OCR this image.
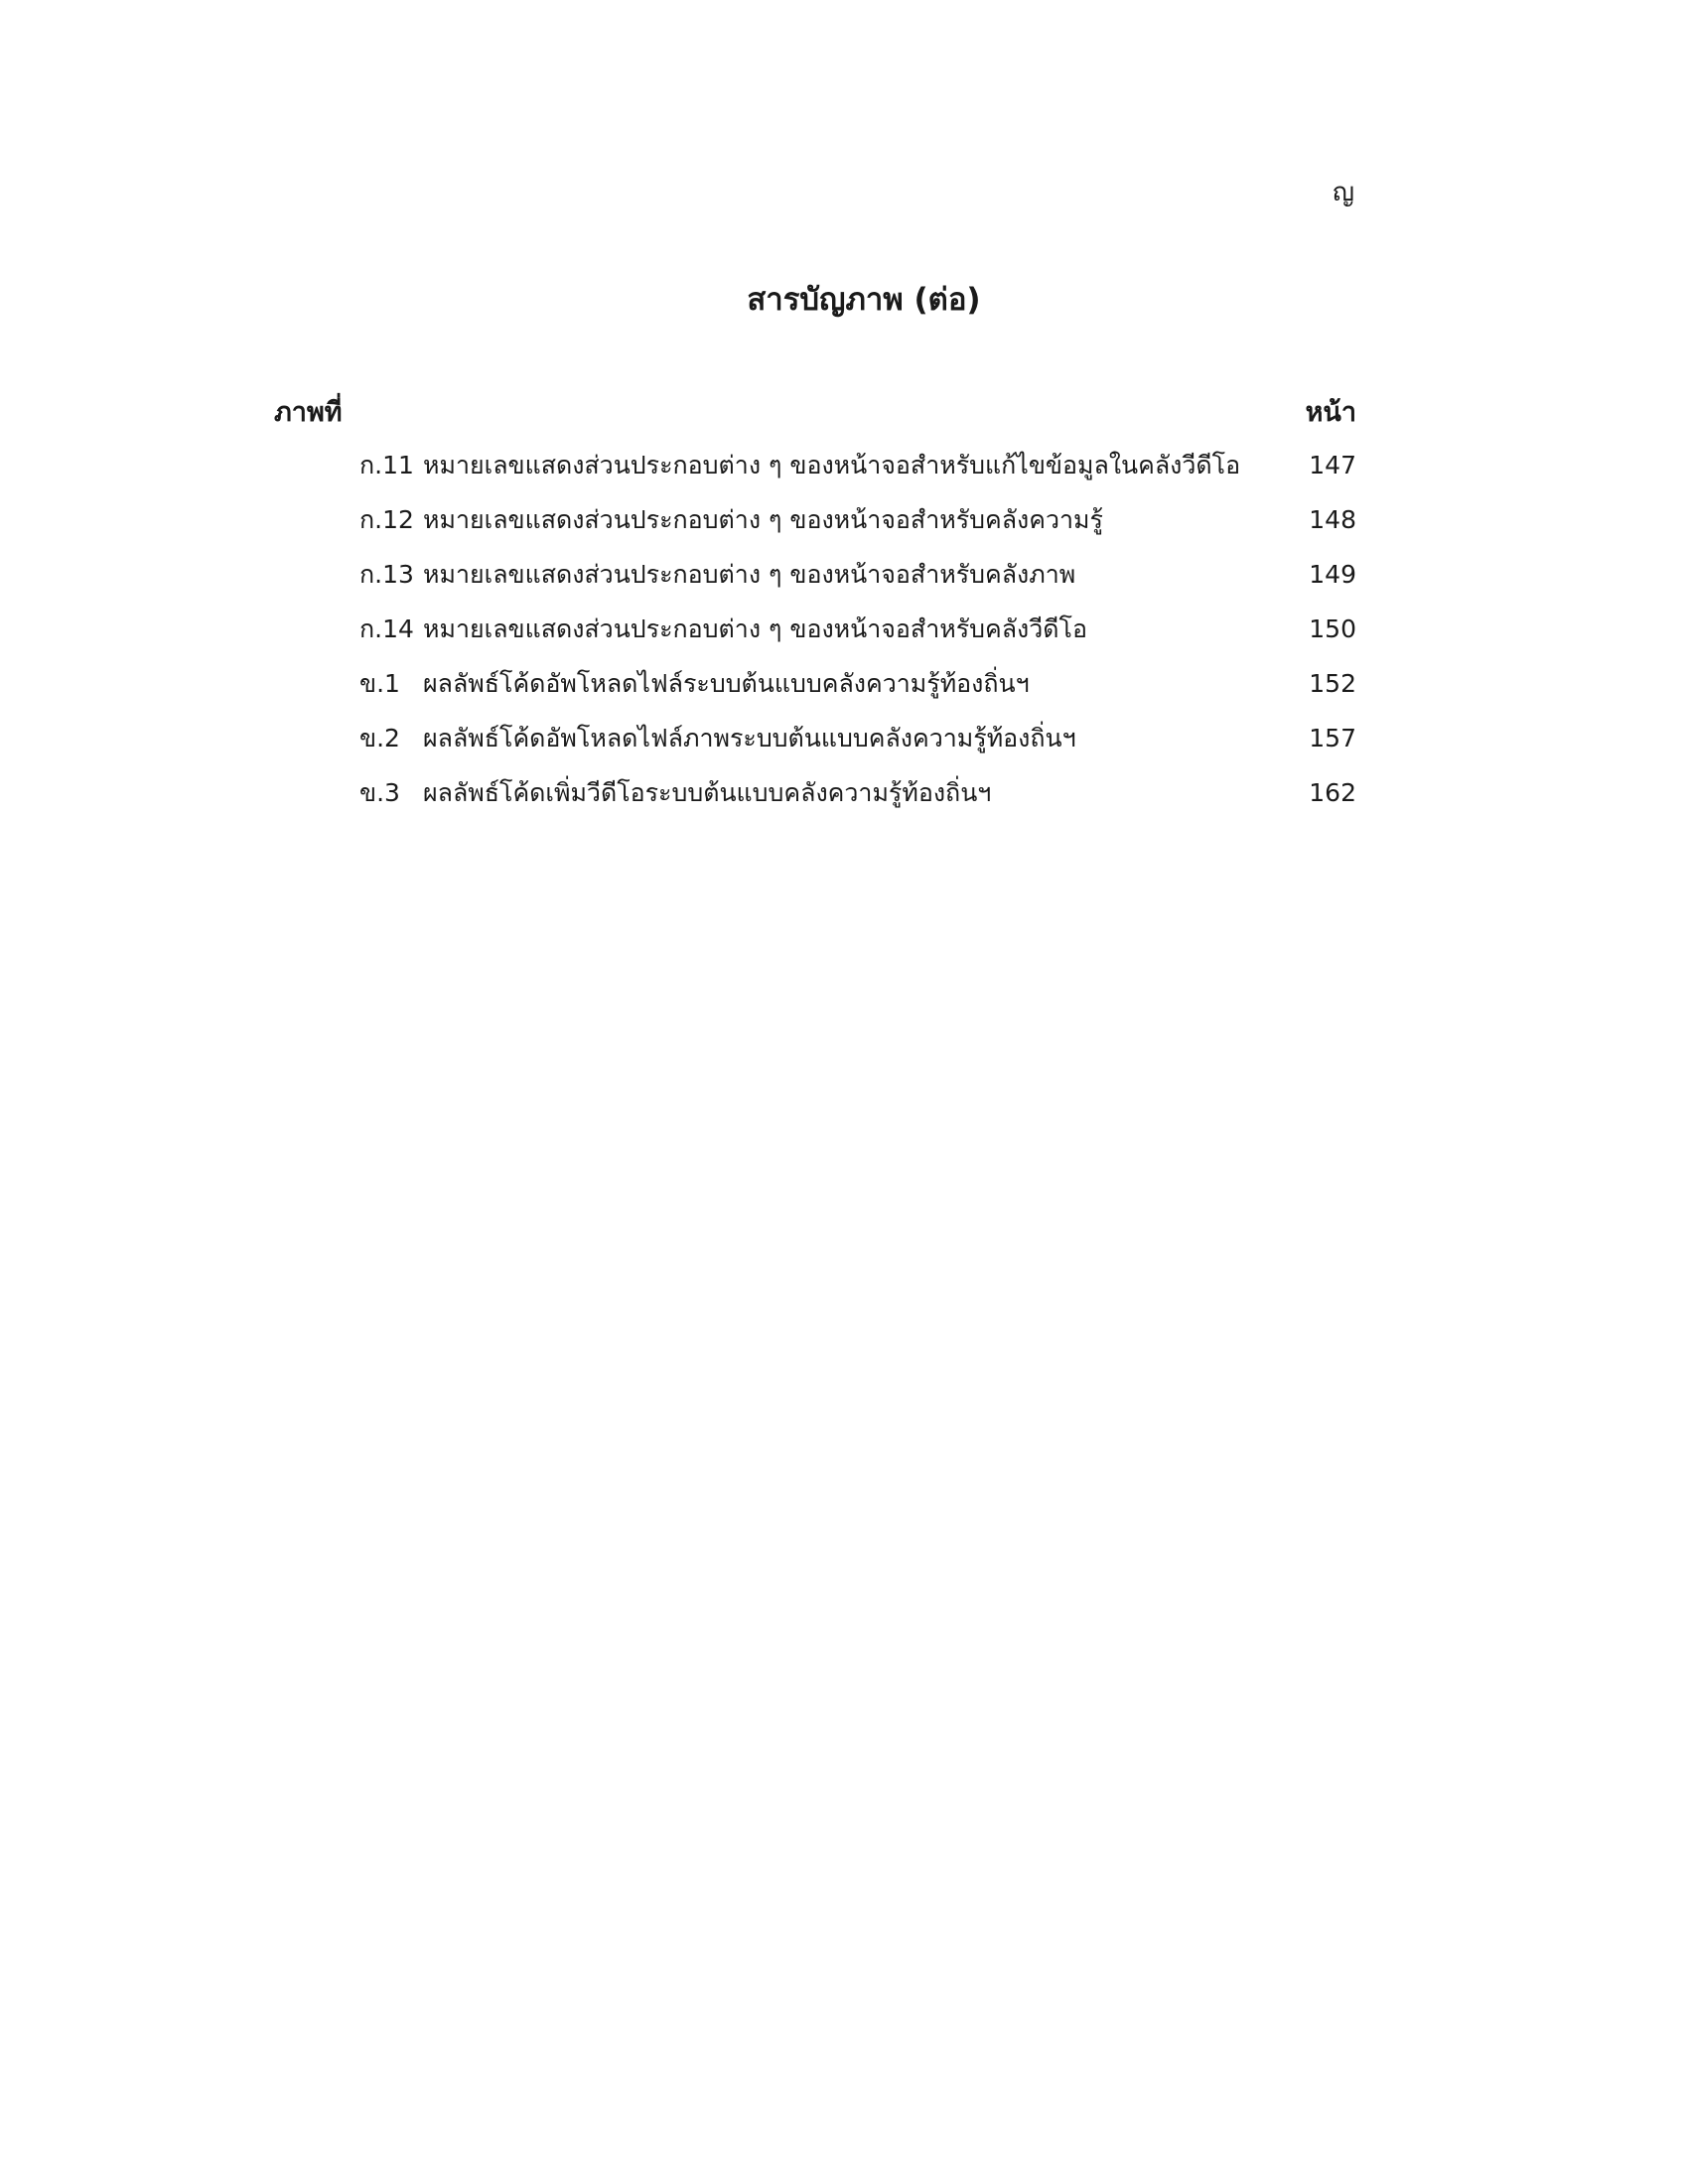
ญ
สารบัญภาพ (ต่อ)
ภาพที่	หน้า
ก.11 หมายเลขแสดงส่วนประกอบต่าง ๆ ของหน้าจอสำหรับแก้ไขข้อมูลในคลังวีดีโอ	147
ก.12 หมายเลขแสดงส่วนประกอบต่าง ๆ ของหน้าจอสำหรับคลังความรู้	148
ก.13 หมายเลขแสดงส่วนประกอบต่าง ๆ ของหน้าจอสำหรับคลังภาพ	149
ก.14 หมายเลขแสดงส่วนประกอบต่าง ๆ ของหน้าจอสำหรับคลังวีดีโอ	150
ข.1 ผลลัพธ์โค้ดอัพโหลดไฟล์ระบบต้นแบบคลังความรู้ท้องถิ่นฯ	152
ข.2 ผลลัพธ์โค้ดอัพโหลดไฟล์ภาพระบบต้นแบบคลังความรู้ท้องถิ่นฯ	157
ข.3 ผลลัพธ์โค้ดเพิ่มวีดีโอระบบต้นแบบคลังความรู้ท้องถิ่นฯ	162
